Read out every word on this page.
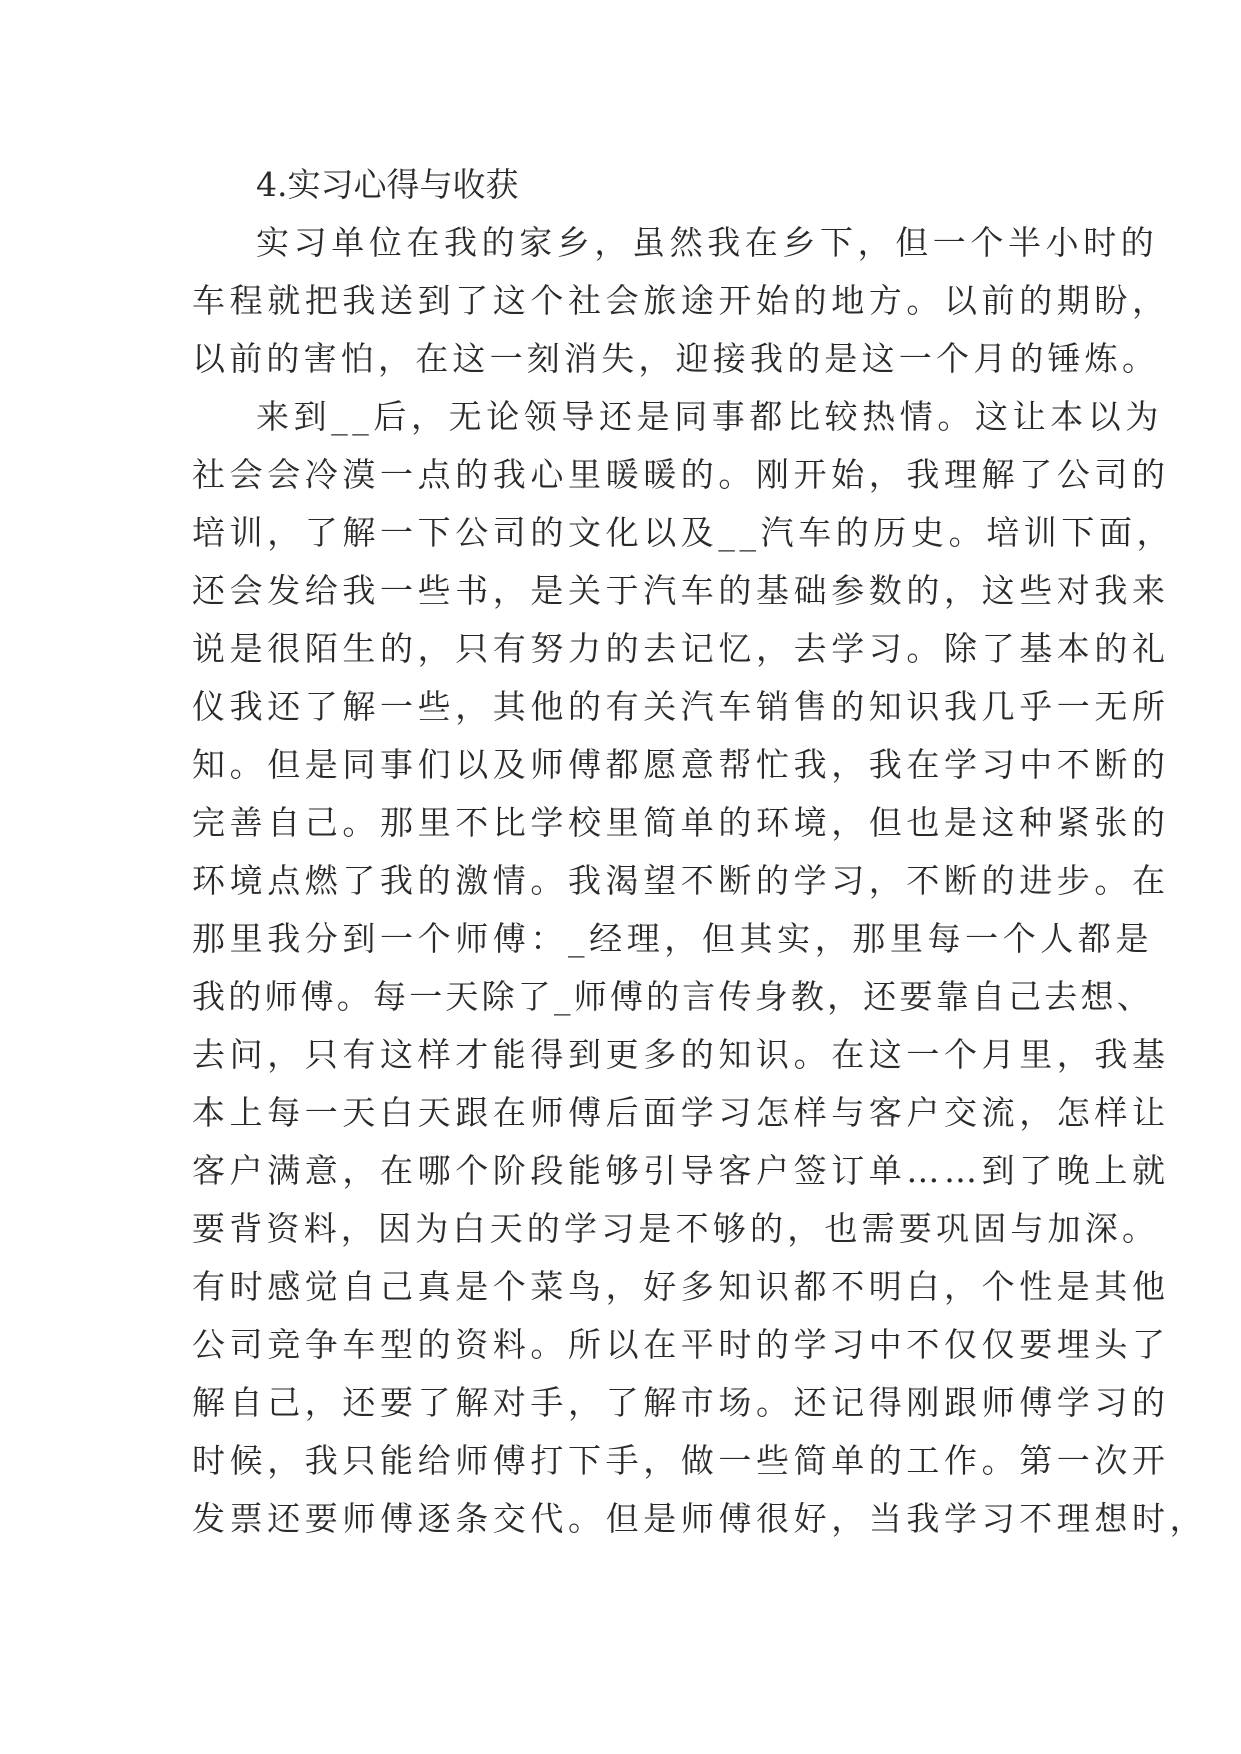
4.实习心得与收获

实习单位在我的家乡，虽然我在乡下，但一个半小时的

车程就把我送到了这个社会旅途开始的地方。以前的期盼，

以前的害怕，在这一刻消失，迎接我的是这一个月的锤炼。

来到__后，无论领导还是同事都比较热情。这让本以为

社会会冷漠一点的我心里暖暖的。刚开始，我理解了公司的

培训，了解一下公司的文化以及__汽车的历史。培训下面，

还会发给我一些书，是关于汽车的基础参数的，这些对我来

说是很陌生的，只有努力的去记忆，去学习。除了基本的礼

仪我还了解一些，其他的有关汽车销售的知识我几乎一无所

知。但是同事们以及师傅都愿意帮忙我，我在学习中不断的

完善自己。那里不比学校里简单的环境，但也是这种紧张的

环境点燃了我的激情。我渴望不断的学习，不断的进步。在

那里我分到一个师傅：_经理，但其实，那里每一个人都是

我的师傅。每一天除了_师傅的言传身教，还要靠自己去想、

去问，只有这样才能得到更多的知识。在这一个月里，我基

本上每一天白天跟在师傅后面学习怎样与客户交流，怎样让

客户满意，在哪个阶段能够引导客户签订单……到了晚上就

要背资料，因为白天的学习是不够的，也需要巩固与加深。

有时感觉自己真是个菜鸟，好多知识都不明白，个性是其他

公司竞争车型的资料。所以在平时的学习中不仅仅要埋头了

解自己，还要了解对手，了解市场。还记得刚跟师傅学习的

时候，我只能给师傅打下手，做一些简单的工作。第一次开

发票还要师傅逐条交代。但是师傅很好，当我学习不理想时，
